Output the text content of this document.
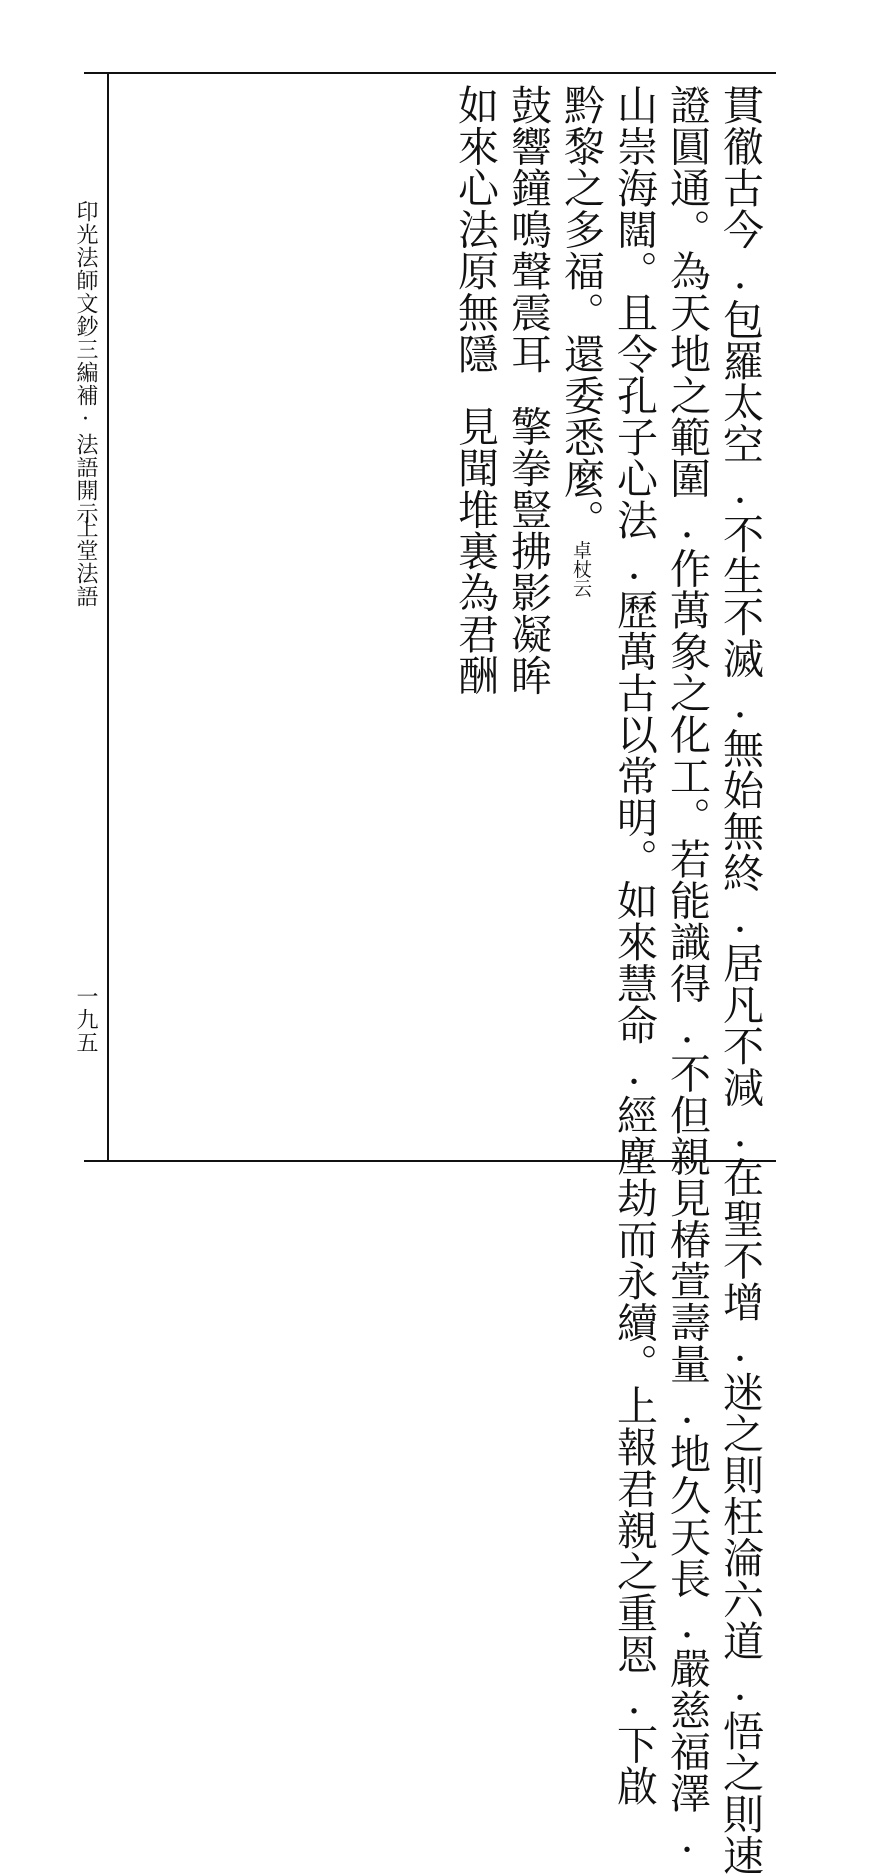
印光法師文鈔三編補·法語開示
上堂法語
一九五	貫徹古今.包羅太空.不生不滅.無始無終.居凡不減.在聖不增.迷之則枉淪六道.悟之則速
證圓通。為天地之範圍.作萬象之化工。若能識得.不但親見椿萱壽量.地久天長.嚴慈福澤.
山崇海闊。且令孔子心法.歷萬古以常明。如來慧命.經塵劫而永續。上報君親之重恩.下啟
黔黎之多福。還委悉麼。卓杖云
鼓響鐘鳴聲震耳擎拳豎拂影凝眸
如來心法原無隱見聞堆裏為君酬
